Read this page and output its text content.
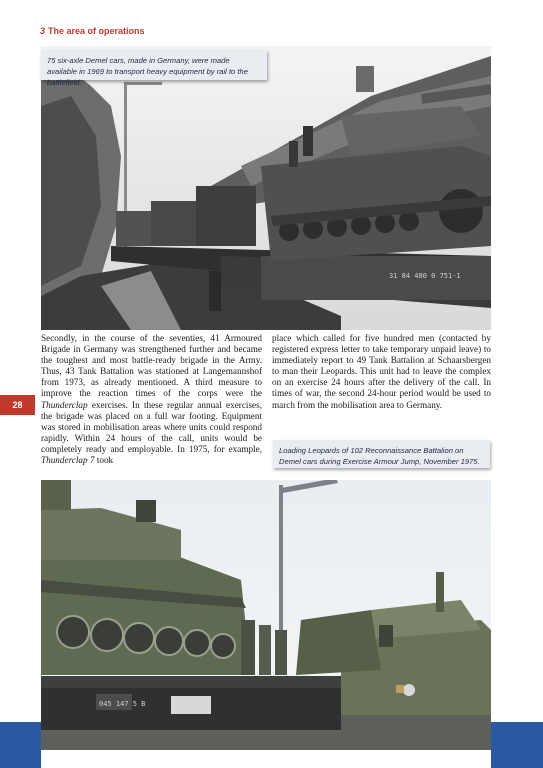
3 The area of operations
31 84 480 0 751-1
75 six-axle Demel cars, made in Germany, were made available in 1969 to transport heavy equipment by rail to the battlefield.

Secondly, in the course of the seventies, 41 Armoured Brigade in Germany was strengthened further and became the toughest and most battle-ready brigade in the Army. Thus, 43 Tank Battalion was stationed at Langemannshof from 1973, as already mentioned. A third measure to improve the reaction times of the corps were the Thunderclap exercises. In these regular annual exercises, the brigade was placed on a full war footing. Equipment was stored in mobilisation areas where units could respond rapidly. Within 24 hours of the call, units would be completely ready and employable. In 1975, for example, Thunderclap 7 took

place which called for five hundred men (contacted by registered express letter to take temporary unpaid leave) to immediately report to 49 Tank Battalion at Schaarsbergen to man their Leopards. This unit had to leave the complex on an exercise 24 hours after the delivery of the call. In times of war, the second 24-hour period would be used to march from the mobilisation area to Germany.

Loading Leopards of 102 Reconnaissance Battalion on Demel cars during Exercise Armour Jump, November 1975.
045 147 5 B
28
